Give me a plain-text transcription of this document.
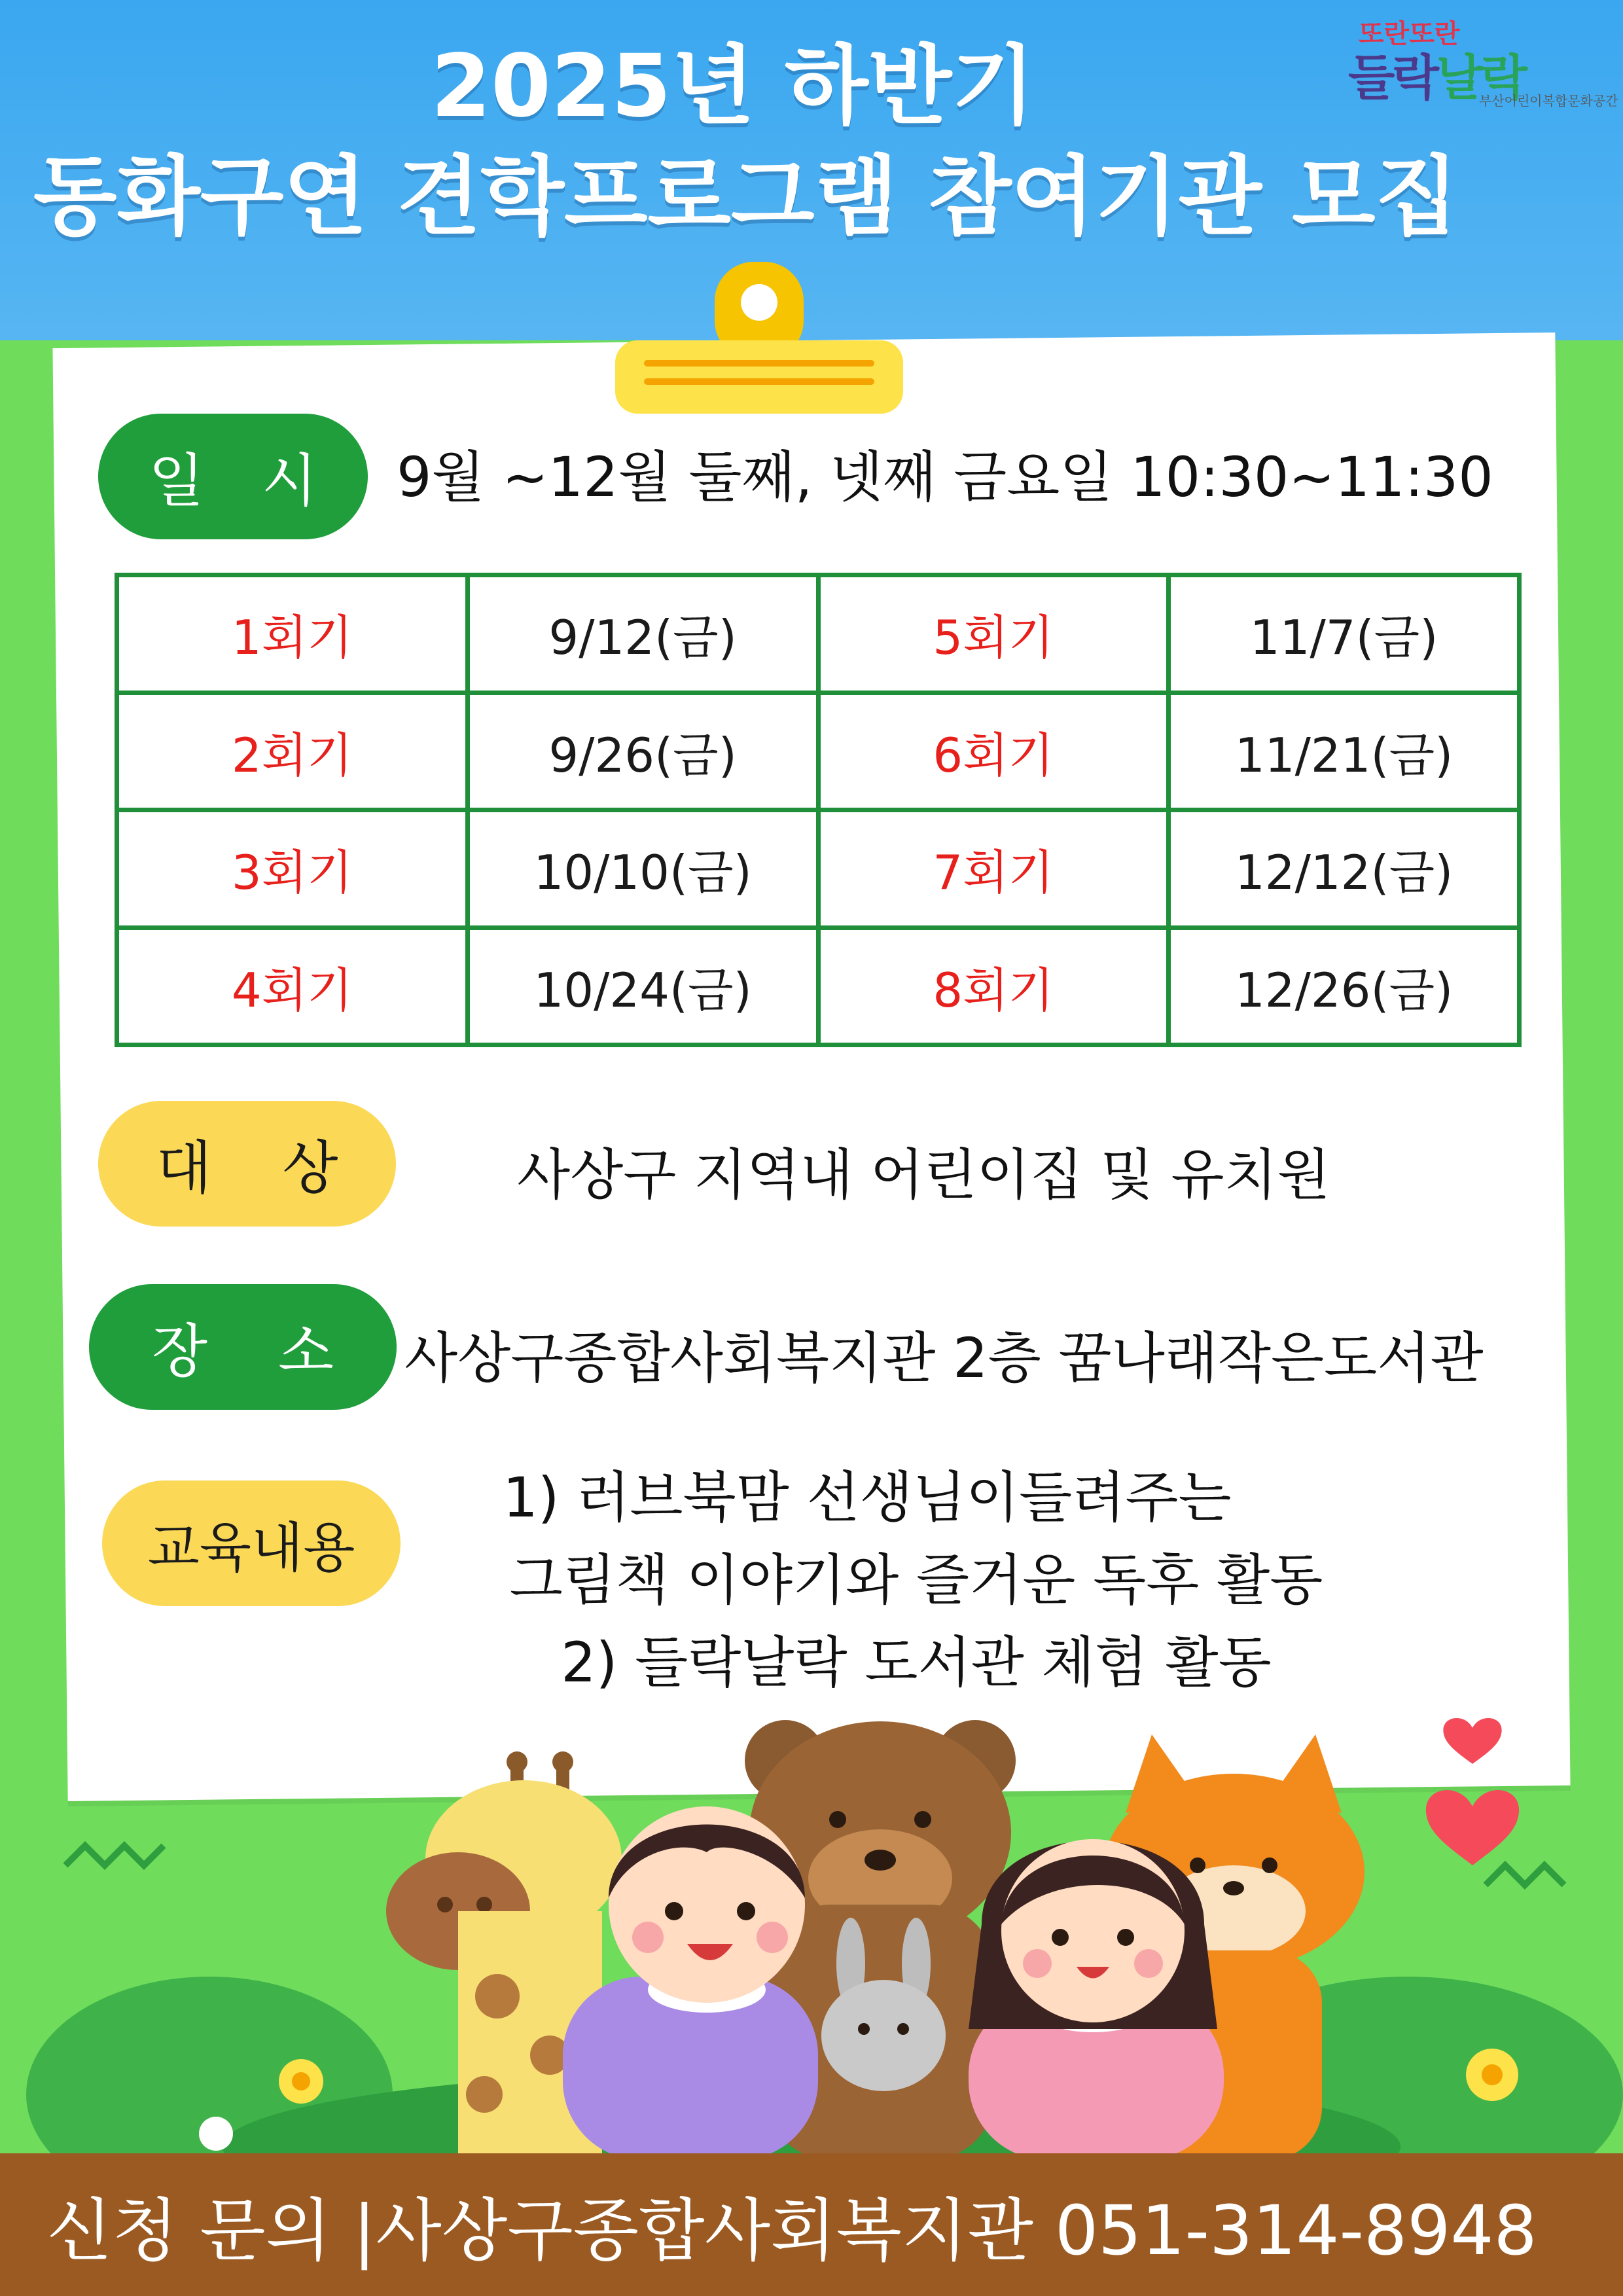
2025년 하반기
동화구연 견학프로그램 참여기관 모집
또란또란
들락날락
부산어린이복합문화공간
일 시 9월 ~12월 둘째, 넷째 금요일 10:30~11:30
1회기	9/12(금)	5회기	11/7(금)
2회기	9/26(금)	6회기	11/21(금)
3회기	10/10(금)	7회기	12/12(금)
4회기	10/24(금)	8회기	12/26(금)
대 상	사상구 지역내 어린이집 및 유치원
장 소 사상구종합사회복지관 2층 꿈나래작은도서관
교육내용
1) 러브북맘 선생님이들려주는
그림책 이야기와 즐거운 독후 활동
2) 들락날락 도서관 체험 활동
신청 문의 |사상구종합사회복지관 051-314-8948
